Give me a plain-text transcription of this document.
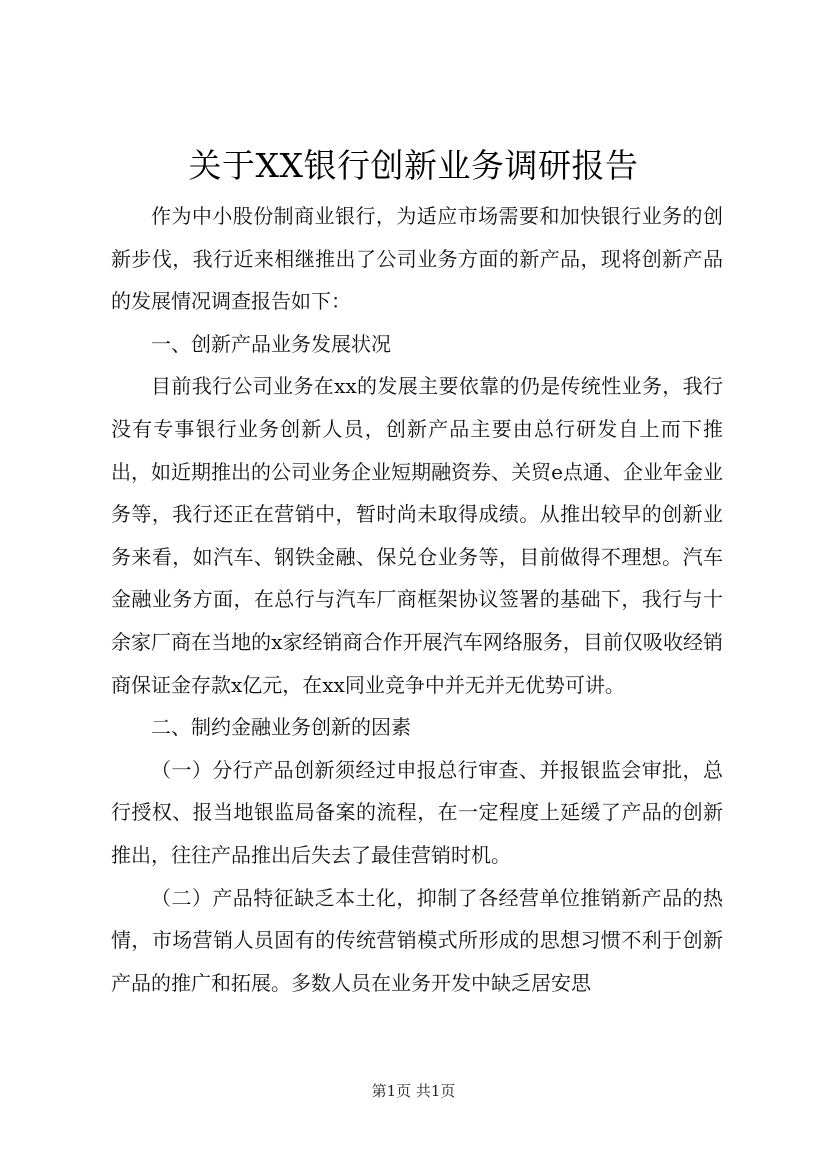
关于XX银行创新业务调研报告

作为中小股份制商业银行，为适应市场需要和加快银行业务的创新步伐，我行近来相继推出了公司业务方面的新产品，现将创新产品的发展情况调查报告如下：

一、创新产品业务发展状况

目前我行公司业务在xx的发展主要依靠的仍是传统性业务，我行没有专事银行业务创新人员，创新产品主要由总行研发自上而下推出，如近期推出的公司业务企业短期融资券、关贸e点通、企业年金业务等，我行还正在营销中，暂时尚未取得成绩。从推出较早的创新业务来看，如汽车、钢铁金融、保兑仓业务等，目前做得不理想。汽车金融业务方面，在总行与汽车厂商框架协议签署的基础下，我行与十余家厂商在当地的x家经销商合作开展汽车网络服务，目前仅吸收经销商保证金存款x亿元，在xx同业竞争中并无并无优势可讲。

二、制约金融业务创新的因素

（一）分行产品创新须经过申报总行审查、并报银监会审批，总行授权、报当地银监局备案的流程，在一定程度上延缓了产品的创新推出，往往产品推出后失去了最佳营销时机。

（二）产品特征缺乏本土化，抑制了各经营单位推销新产品的热情，市场营销人员固有的传统营销模式所形成的思想习惯不利于创新产品的推广和拓展。多数人员在业务开发中缺乏居安思

第1页 共1页
